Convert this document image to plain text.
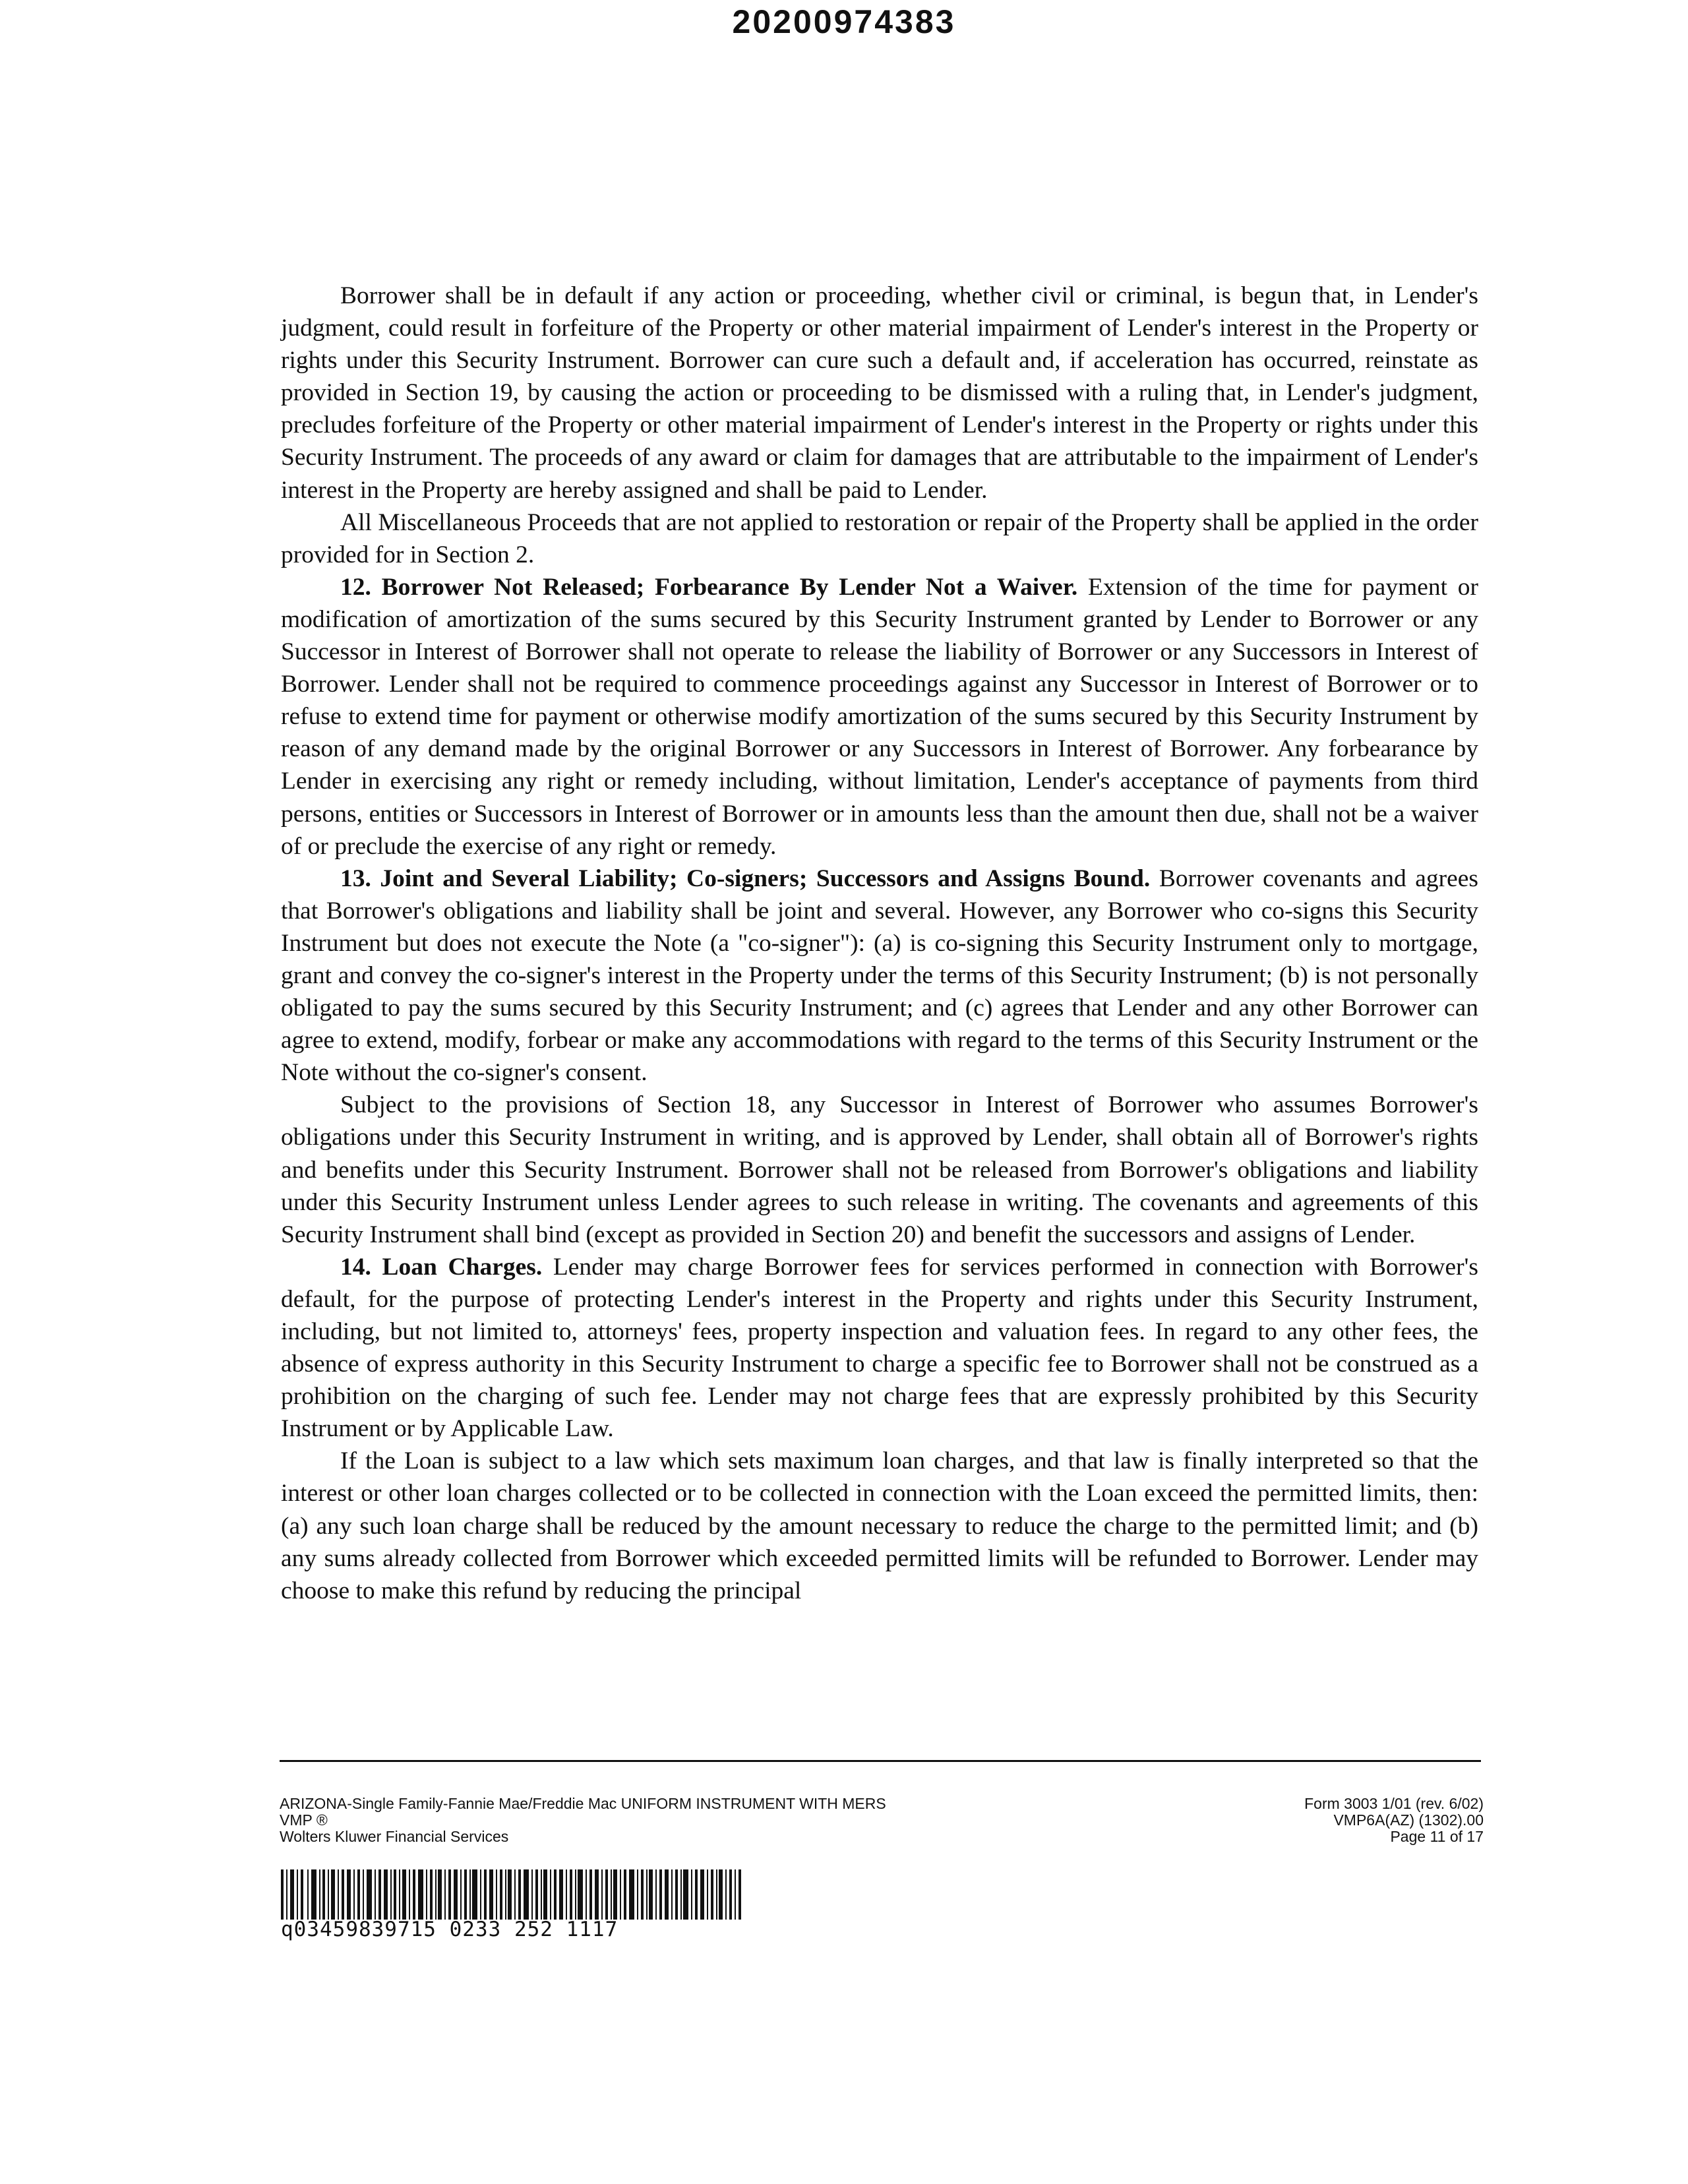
20200974383

Borrower shall be in default if any action or proceeding, whether civil or criminal, is begun that, in Lender's judgment, could result in forfeiture of the Property or other material impairment of Lender's interest in the Property or rights under this Security Instrument. Borrower can cure such a default and, if acceleration has occurred, reinstate as provided in Section 19, by causing the action or proceeding to be dismissed with a ruling that, in Lender's judgment, precludes forfeiture of the Property or other material impairment of Lender's interest in the Property or rights under this Security Instrument. The proceeds of any award or claim for damages that are attributable to the impairment of Lender's interest in the Property are hereby assigned and shall be paid to Lender.

All Miscellaneous Proceeds that are not applied to restoration or repair of the Property shall be applied in the order provided for in Section 2.

12. Borrower Not Released; Forbearance By Lender Not a Waiver. Extension of the time for payment or modification of amortization of the sums secured by this Security Instrument granted by Lender to Borrower or any Successor in Interest of Borrower shall not operate to release the liability of Borrower or any Successors in Interest of Borrower. Lender shall not be required to commence proceedings against any Successor in Interest of Borrower or to refuse to extend time for payment or otherwise modify amortization of the sums secured by this Security Instrument by reason of any demand made by the original Borrower or any Successors in Interest of Borrower. Any forbearance by Lender in exercising any right or remedy including, without limitation, Lender's acceptance of payments from third persons, entities or Successors in Interest of Borrower or in amounts less than the amount then due, shall not be a waiver of or preclude the exercise of any right or remedy.

13. Joint and Several Liability; Co-signers; Successors and Assigns Bound. Borrower covenants and agrees that Borrower's obligations and liability shall be joint and several. However, any Borrower who co-signs this Security Instrument but does not execute the Note (a "co-signer"): (a) is co-signing this Security Instrument only to mortgage, grant and convey the co-signer's interest in the Property under the terms of this Security Instrument; (b) is not personally obligated to pay the sums secured by this Security Instrument; and (c) agrees that Lender and any other Borrower can agree to extend, modify, forbear or make any accommodations with regard to the terms of this Security Instrument or the Note without the co-signer's consent.

Subject to the provisions of Section 18, any Successor in Interest of Borrower who assumes Borrower's obligations under this Security Instrument in writing, and is approved by Lender, shall obtain all of Borrower's rights and benefits under this Security Instrument. Borrower shall not be released from Borrower's obligations and liability under this Security Instrument unless Lender agrees to such release in writing. The covenants and agreements of this Security Instrument shall bind (except as provided in Section 20) and benefit the successors and assigns of Lender.

14. Loan Charges. Lender may charge Borrower fees for services performed in connection with Borrower's default, for the purpose of protecting Lender's interest in the Property and rights under this Security Instrument, including, but not limited to, attorneys' fees, property inspection and valuation fees. In regard to any other fees, the absence of express authority in this Security Instrument to charge a specific fee to Borrower shall not be construed as a prohibition on the charging of such fee. Lender may not charge fees that are expressly prohibited by this Security Instrument or by Applicable Law.

If the Loan is subject to a law which sets maximum loan charges, and that law is finally interpreted so that the interest or other loan charges collected or to be collected in connection with the Loan exceed the permitted limits, then: (a) any such loan charge shall be reduced by the amount necessary to reduce the charge to the permitted limit; and (b) any sums already collected from Borrower which exceeded permitted limits will be refunded to Borrower. Lender may choose to make this refund by reducing the principal

ARIZONA-Single Family-Fannie Mae/Freddie Mac UNIFORM INSTRUMENT WITH MERS
VMP ®
Wolters Kluwer Financial Services
Form 3003 1/01 (rev. 6/02)
VMP6A(AZ) (1302).00
Page 11 of 17
q03459839715 0233 252 1117
